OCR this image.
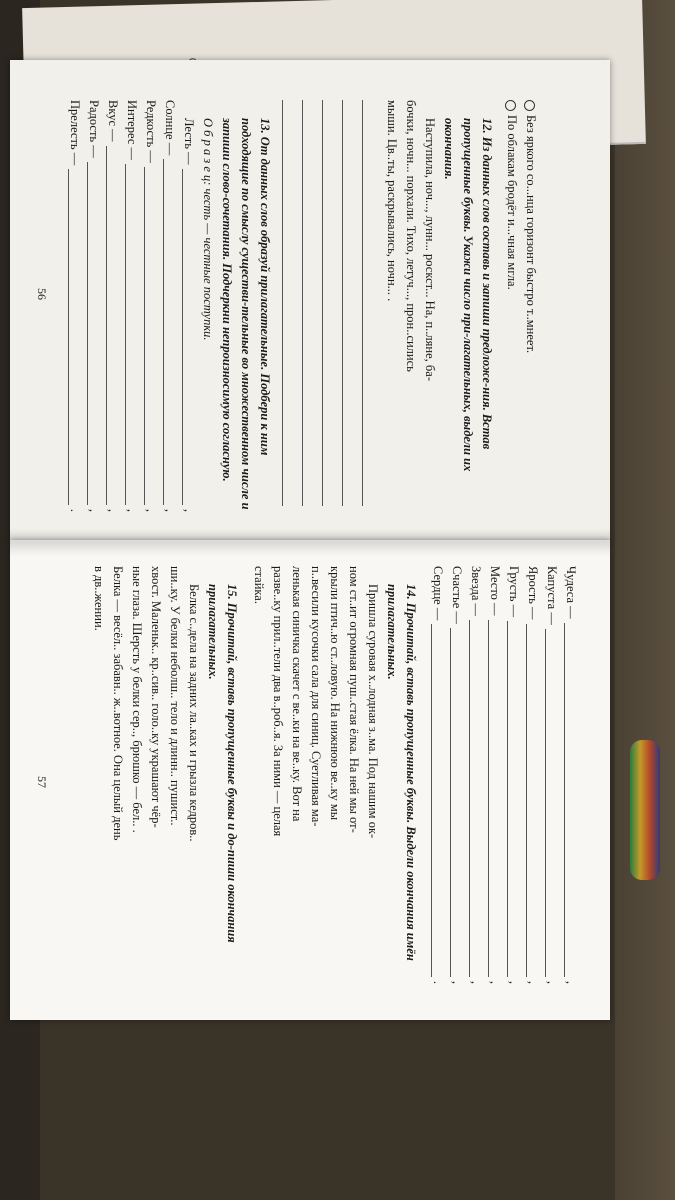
Без яркого со...нца горизонт быстро т..мнеет.
По облакам бродёт и...чная мгла.
12. Из данных слов составь и запиши предложе-ния. Встав пропущенные буквы. Укажи число при-лагательных, выдели их окончания.
Наступила, ноч..., лунн... роскст... На, п..ляне, ба-
бочки, ночн... порхали. Тихо, летуч..., прон..сились
мыши. Цв..ты, раскрывались, ночн... .
13. От данных слов образуй прилагательные. Подбери к ним подходящие по смыслу существи-тельные во множественном числе и запиши слово-сочетания. Подчеркни непроизносимую согласную.
О б р а з е ц: честь — честные поступки.
Лесть —
,
Солнце —
,
Редкость —
,
Интерес —
,
Вкус —
,
Радость —
,
Прелесть —
.
56
Чудеса —
,
Капуста —
,
Ярость —
,
Грусть —
,
Место —
,
Звезда —
,
Счастье —
,
Сердце —
.
14. Прочитай, вставь пропущенные буквы. Выдели окончания имён прилагательных.
Пришла суровая х..лодная з..ма. Под нашим ок-
ном ст..ит огромная пуш..стая ёлка. На ней мы от-
крыли птич..ю ст..ловую. На нижнюю ве..ку мы
п..весили кусочки сала для синиц. Суетливая ма-
ленькая синичка скачет с ве..ки на ве..ку. Вот на
разве..ку прил..тели два в..роб..я. За ними — целая
стайка.
15. Прочитай, вставь пропущенные буквы и до-пиши окончания прилагательных.
Белка с..дела на задних ла..ках и грызла кедров..
ши..ку. У белки неболш.. тело и длинн.. пушист..
хвост. Маленьк.. кр..сив.. голо..ку украшают чёр-
ные глаза. Шерсть у белки сер.., брюшко — бел.. .
Белка — весёл.. забавн.. ж..вотное. Она целый день
в дв..жении.
57
